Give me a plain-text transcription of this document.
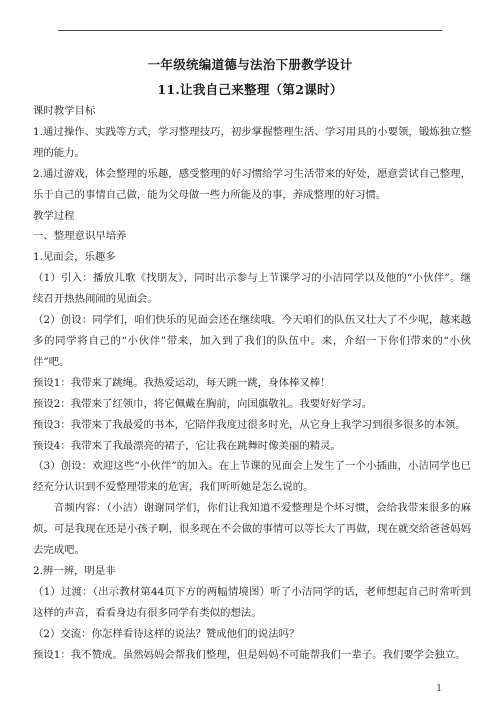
一年级统编道德与法治下册教学设计
11.让我自己来整理（第2课时）

课时教学目标

1.通过操作、实践等方式，学习整理技巧，初步掌握整理生活、学习用具的小要领，锻炼独立整理的能力。

2.通过游戏，体会整理的乐趣，感受整理的好习惯给学习生活带来的好处，愿意尝试自己整理，乐于自己的事情自己做，能为父母做一些力所能及的事，养成整理的好习惯。

教学过程

一、整理意识早培养

1.见面会，乐趣多

（1）引入：播放儿歌《找朋友》，同时出示参与上节课学习的小洁同学以及他的“小伙伴”。继续召开热热闹闹的见面会。

（2）创设：同学们，咱们快乐的见面会还在继续哦。今天咱们的队伍又壮大了不少呢，越来越多的同学将自己的“小伙伴”带来，加入到了我们的队伍中。来，介绍一下你们带来的“小伙伴”吧。

预设1：我带来了跳绳。我热爱运动，每天跳一跳，身体棒又棒！

预设2：我带来了红领巾，将它佩戴在胸前，向国旗敬礼。我要好好学习。

预设3：我带来了我最爱的书本，它陪伴我度过很多时光，从它身上我学习到很多很多的本领。

预设4：我带来了我最漂亮的裙子，它让我在跳舞时像美丽的精灵。

（3）创设：欢迎这些“小伙伴”的加入。在上节课的见面会上发生了一个小插曲，小洁同学也已经充分认识到不爱整理带来的危害，我们听听她是怎么说的。

音频内容：（小洁）谢谢同学们，你们让我知道不爱整理是个坏习惯，会给我带来很多的麻烦。可是我现在还是小孩子啊，很多现在不会做的事情可以等长大了再做，现在就交给爸爸妈妈去完成吧。

2.辨一辨，明是非

（1）过渡：（出示教材第44页下方的两幅情境图）听了小洁同学的话，老师想起自己时常听到这样的声音，看看身边有很多同学有类似的想法。

（2）交流：你怎样看待这样的说法？赞成他们的说法吗？

预设1：我不赞成。虽然妈妈会帮我们整理，但是妈妈不可能帮我们一辈子。我们要学会独立。

1
